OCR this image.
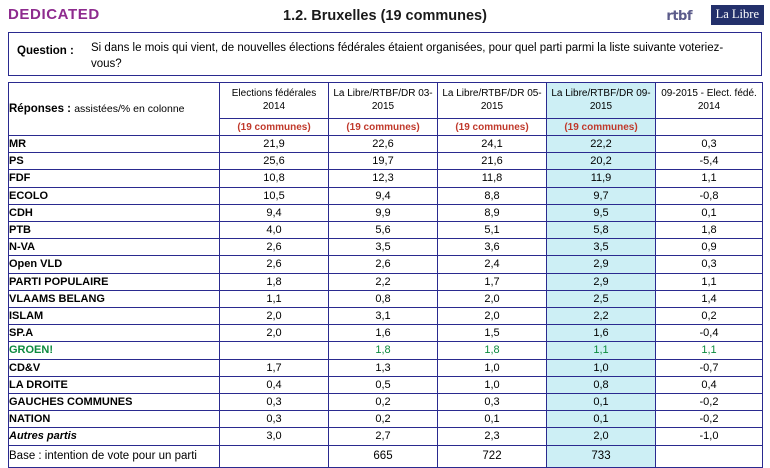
DEDICATED	1.2. Bruxelles (19 communes)	rtbf	La Libre
Question :	Si dans le mois qui vient, de nouvelles élections fédérales étaient organisées, pour quel parti parmi la liste suivante voteriez-vous?
Réponses : assistées/% en colonne	Elections fédérales 2014	La Libre/RTBF/DR 03-2015	La Libre/RTBF/DR 05-2015	La Libre/RTBF/DR 09-2015	09-2015 - Elect. fédé. 2014
	(19 communes)	(19 communes)	(19 communes)	(19 communes)	
MR	21,9	22,6	24,1	22,2	0,3
PS	25,6	19,7	21,6	20,2	-5,4
FDF	10,8	12,3	11,8	11,9	1,1
ECOLO	10,5	9,4	8,8	9,7	-0,8
CDH	9,4	9,9	8,9	9,5	0,1
PTB	4,0	5,6	5,1	5,8	1,8
N-VA	2,6	3,5	3,6	3,5	0,9
Open VLD	2,6	2,6	2,4	2,9	0,3
PARTI POPULAIRE	1,8	2,2	1,7	2,9	1,1
VLAAMS BELANG	1,1	0,8	2,0	2,5	1,4
ISLAM	2,0	3,1	2,0	2,2	0,2
SP.A	2,0	1,6	1,5	1,6	-0,4
GROEN!		1,8	1,8	1,1	1,1
CD&V	1,7	1,3	1,0	1,0	-0,7
LA DROITE	0,4	0,5	1,0	0,8	0,4
GAUCHES COMMUNES	0,3	0,2	0,3	0,1	-0,2
NATION	0,3	0,2	0,1	0,1	-0,2
Autres partis	3,0	2,7	2,3	2,0	-1,0
Base : intention de vote pour un parti		665	722	733	
